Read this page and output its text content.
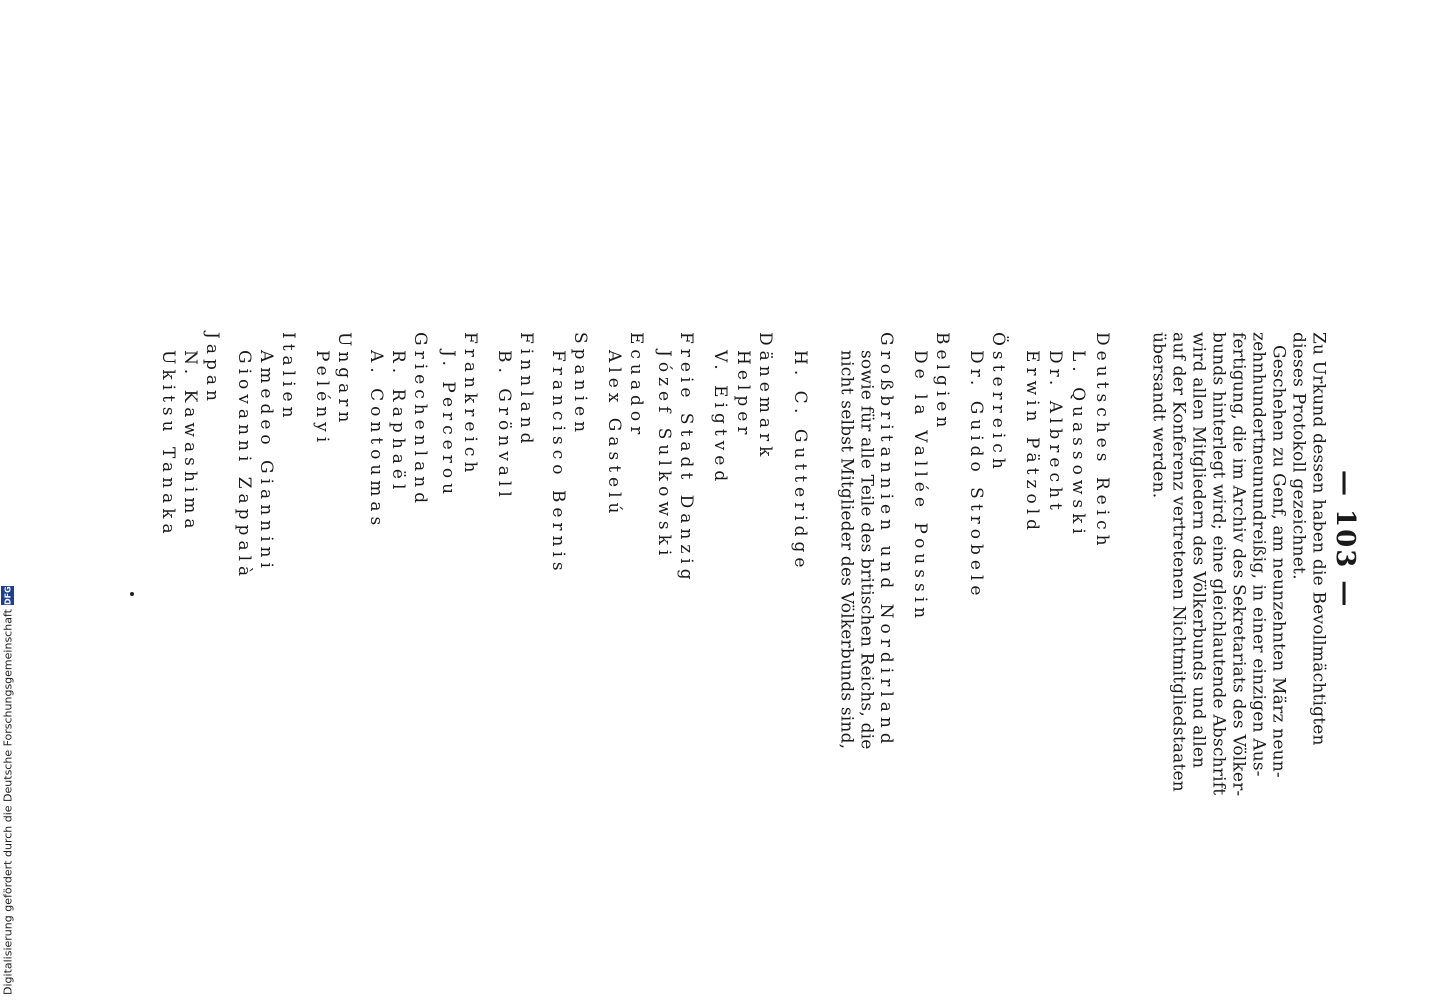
— 103 —
Zu Urkund dessen haben die Bevollmächtigten
dieses Protokoll gezeichnet.
Geschehen zu Genf, am neunzehnten März neun-
zehnhundertneunundreißig, in einer einzigen Aus-
fertigung, die im Archiv des Sekretariats des Völker-
bunds hinterlegt wird; eine gleichlautende Abschrift
wird allen Mitgliedern des Völkerbunds und allen
auf der Konferenz vertretenen Nichtmitgliedstaaten
übersandt werden.
Deutsches Reich
L. Quassowski
Dr. Albrecht
Erwin Pätzold
Österreich
Dr. Guido Strobele
Belgien
De la Vallée Poussin
Großbritannien und Nordirland
sowie für alle Teile des britischen Reichs, die
nicht selbst Mitglieder des Völkerbunds sind,
H. C. Gutteridge
Dänemark
Helper
V. Eigtved
Freie Stadt Danzig
Józef Sulkowski
Ecuador
Alex Gastelú
Spanien
Francisco Bernis
Finnland
B. Grönvall
Frankreich
J. Percerou
Griechenland
R. Raphaël
A. Contoumas
Ungarn
Pelényi
Italien
Amedeo Giannini
Giovanni Zappalà
Japan
N. Kawashima
Ukitsu Tanaka
Digitalisierung gefördert durch die Deutsche Forschungsgemeinschaft
DFG
